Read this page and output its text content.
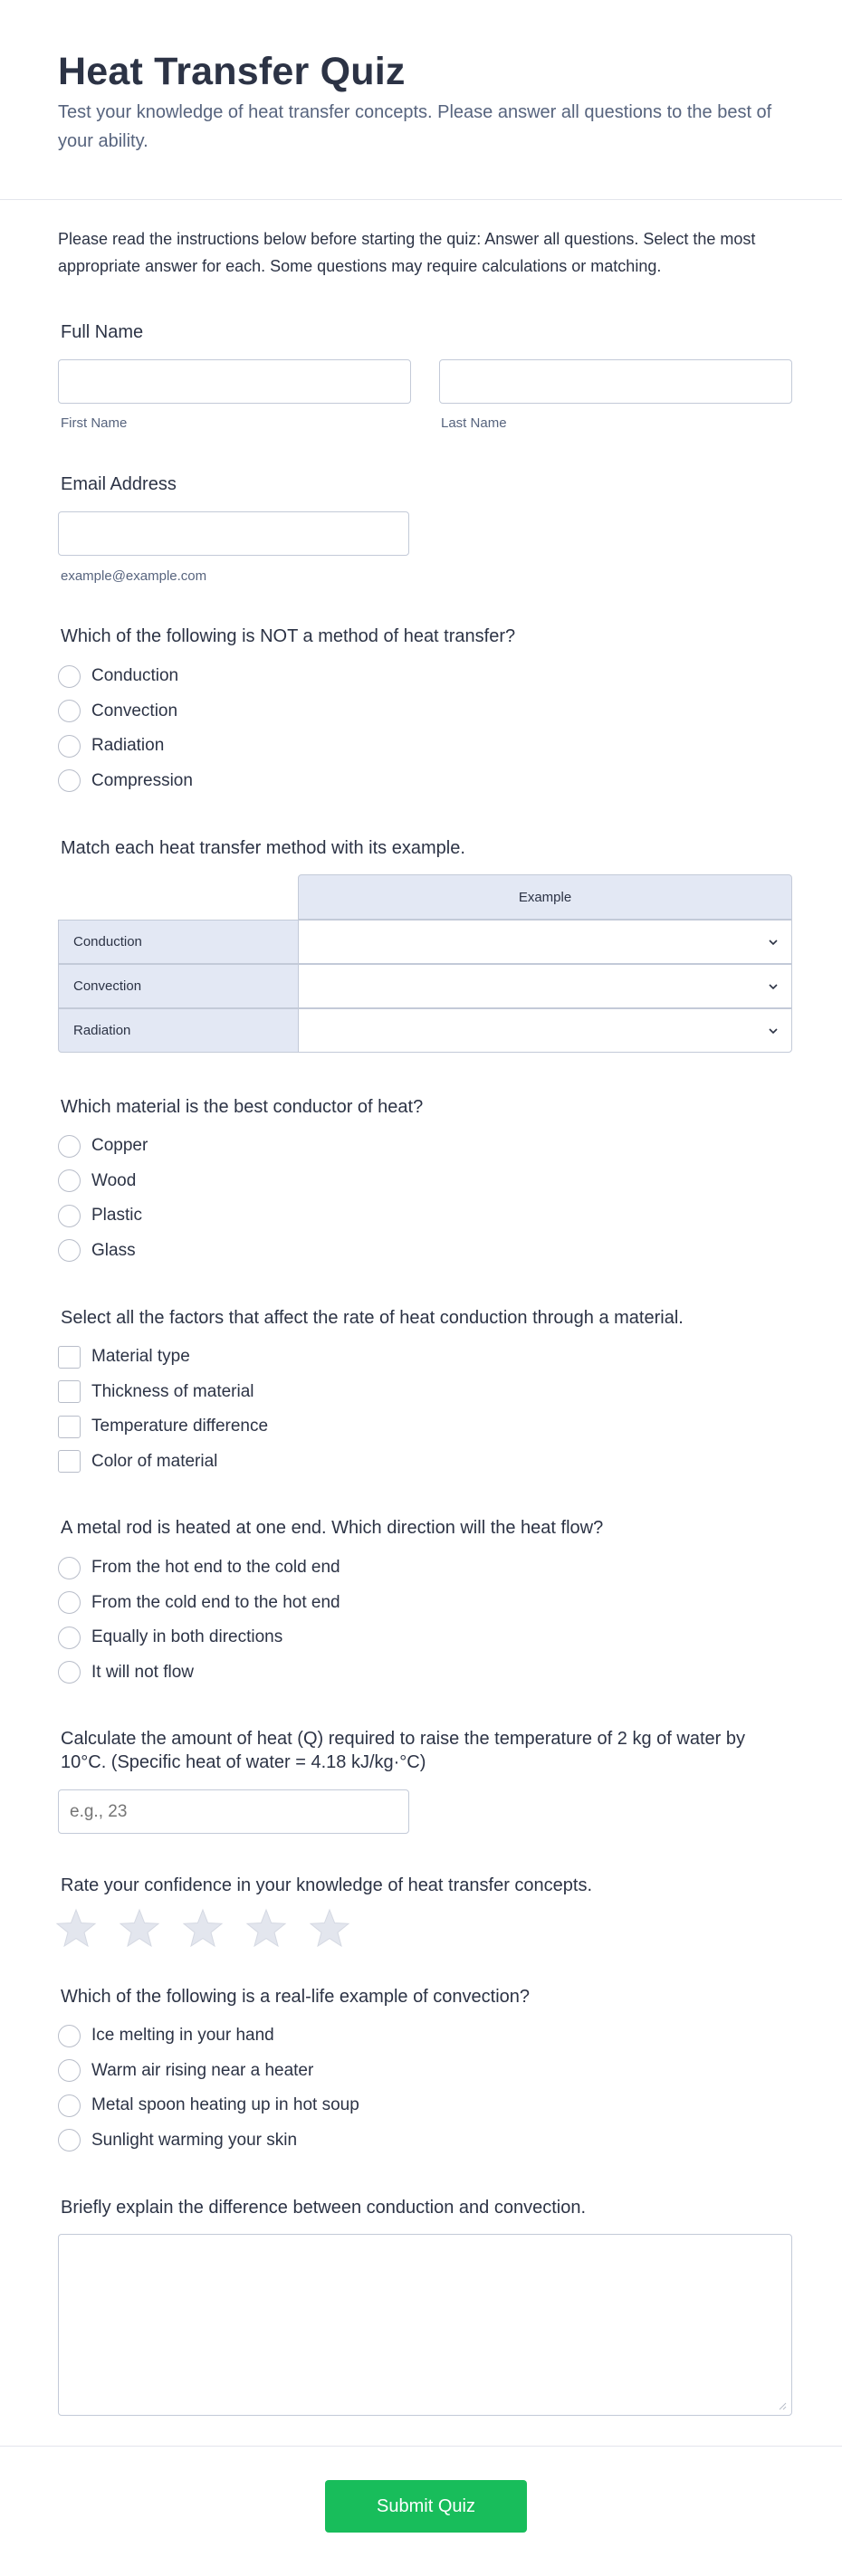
Heat Transfer Quiz

Test your knowledge of heat transfer concepts. Please answer all questions to the best of your ability.

Please read the instructions below before starting the quiz: Answer all questions. Select the most appropriate answer for each. Some questions may require calculations or matching.

Full Name
First Name	Last Name
Email Address
example@example.com
Which of the following is NOT a method of heat transfer?
Conduction
Convection
Radiation
Compression
Match each heat transfer method with its example.
Example
Conduction
Convection
Radiation
Which material is the best conductor of heat?
Copper
Wood
Plastic
Glass
Select all the factors that affect the rate of heat conduction through a material.
Material type
Thickness of material
Temperature difference
Color of material
A metal rod is heated at one end. Which direction will the heat flow?
From the hot end to the cold end
From the cold end to the hot end
Equally in both directions
It will not flow
Calculate the amount of heat (Q) required to raise the temperature of 2 kg of water by 10°C. (Specific heat of water = 4.18 kJ/kg·°C)
e.g., 23
Rate your confidence in your knowledge of heat transfer concepts.
Which of the following is a real-life example of convection?
Ice melting in your hand
Warm air rising near a heater
Metal spoon heating up in hot soup
Sunlight warming your skin
Briefly explain the difference between conduction and convection.
Submit Quiz
